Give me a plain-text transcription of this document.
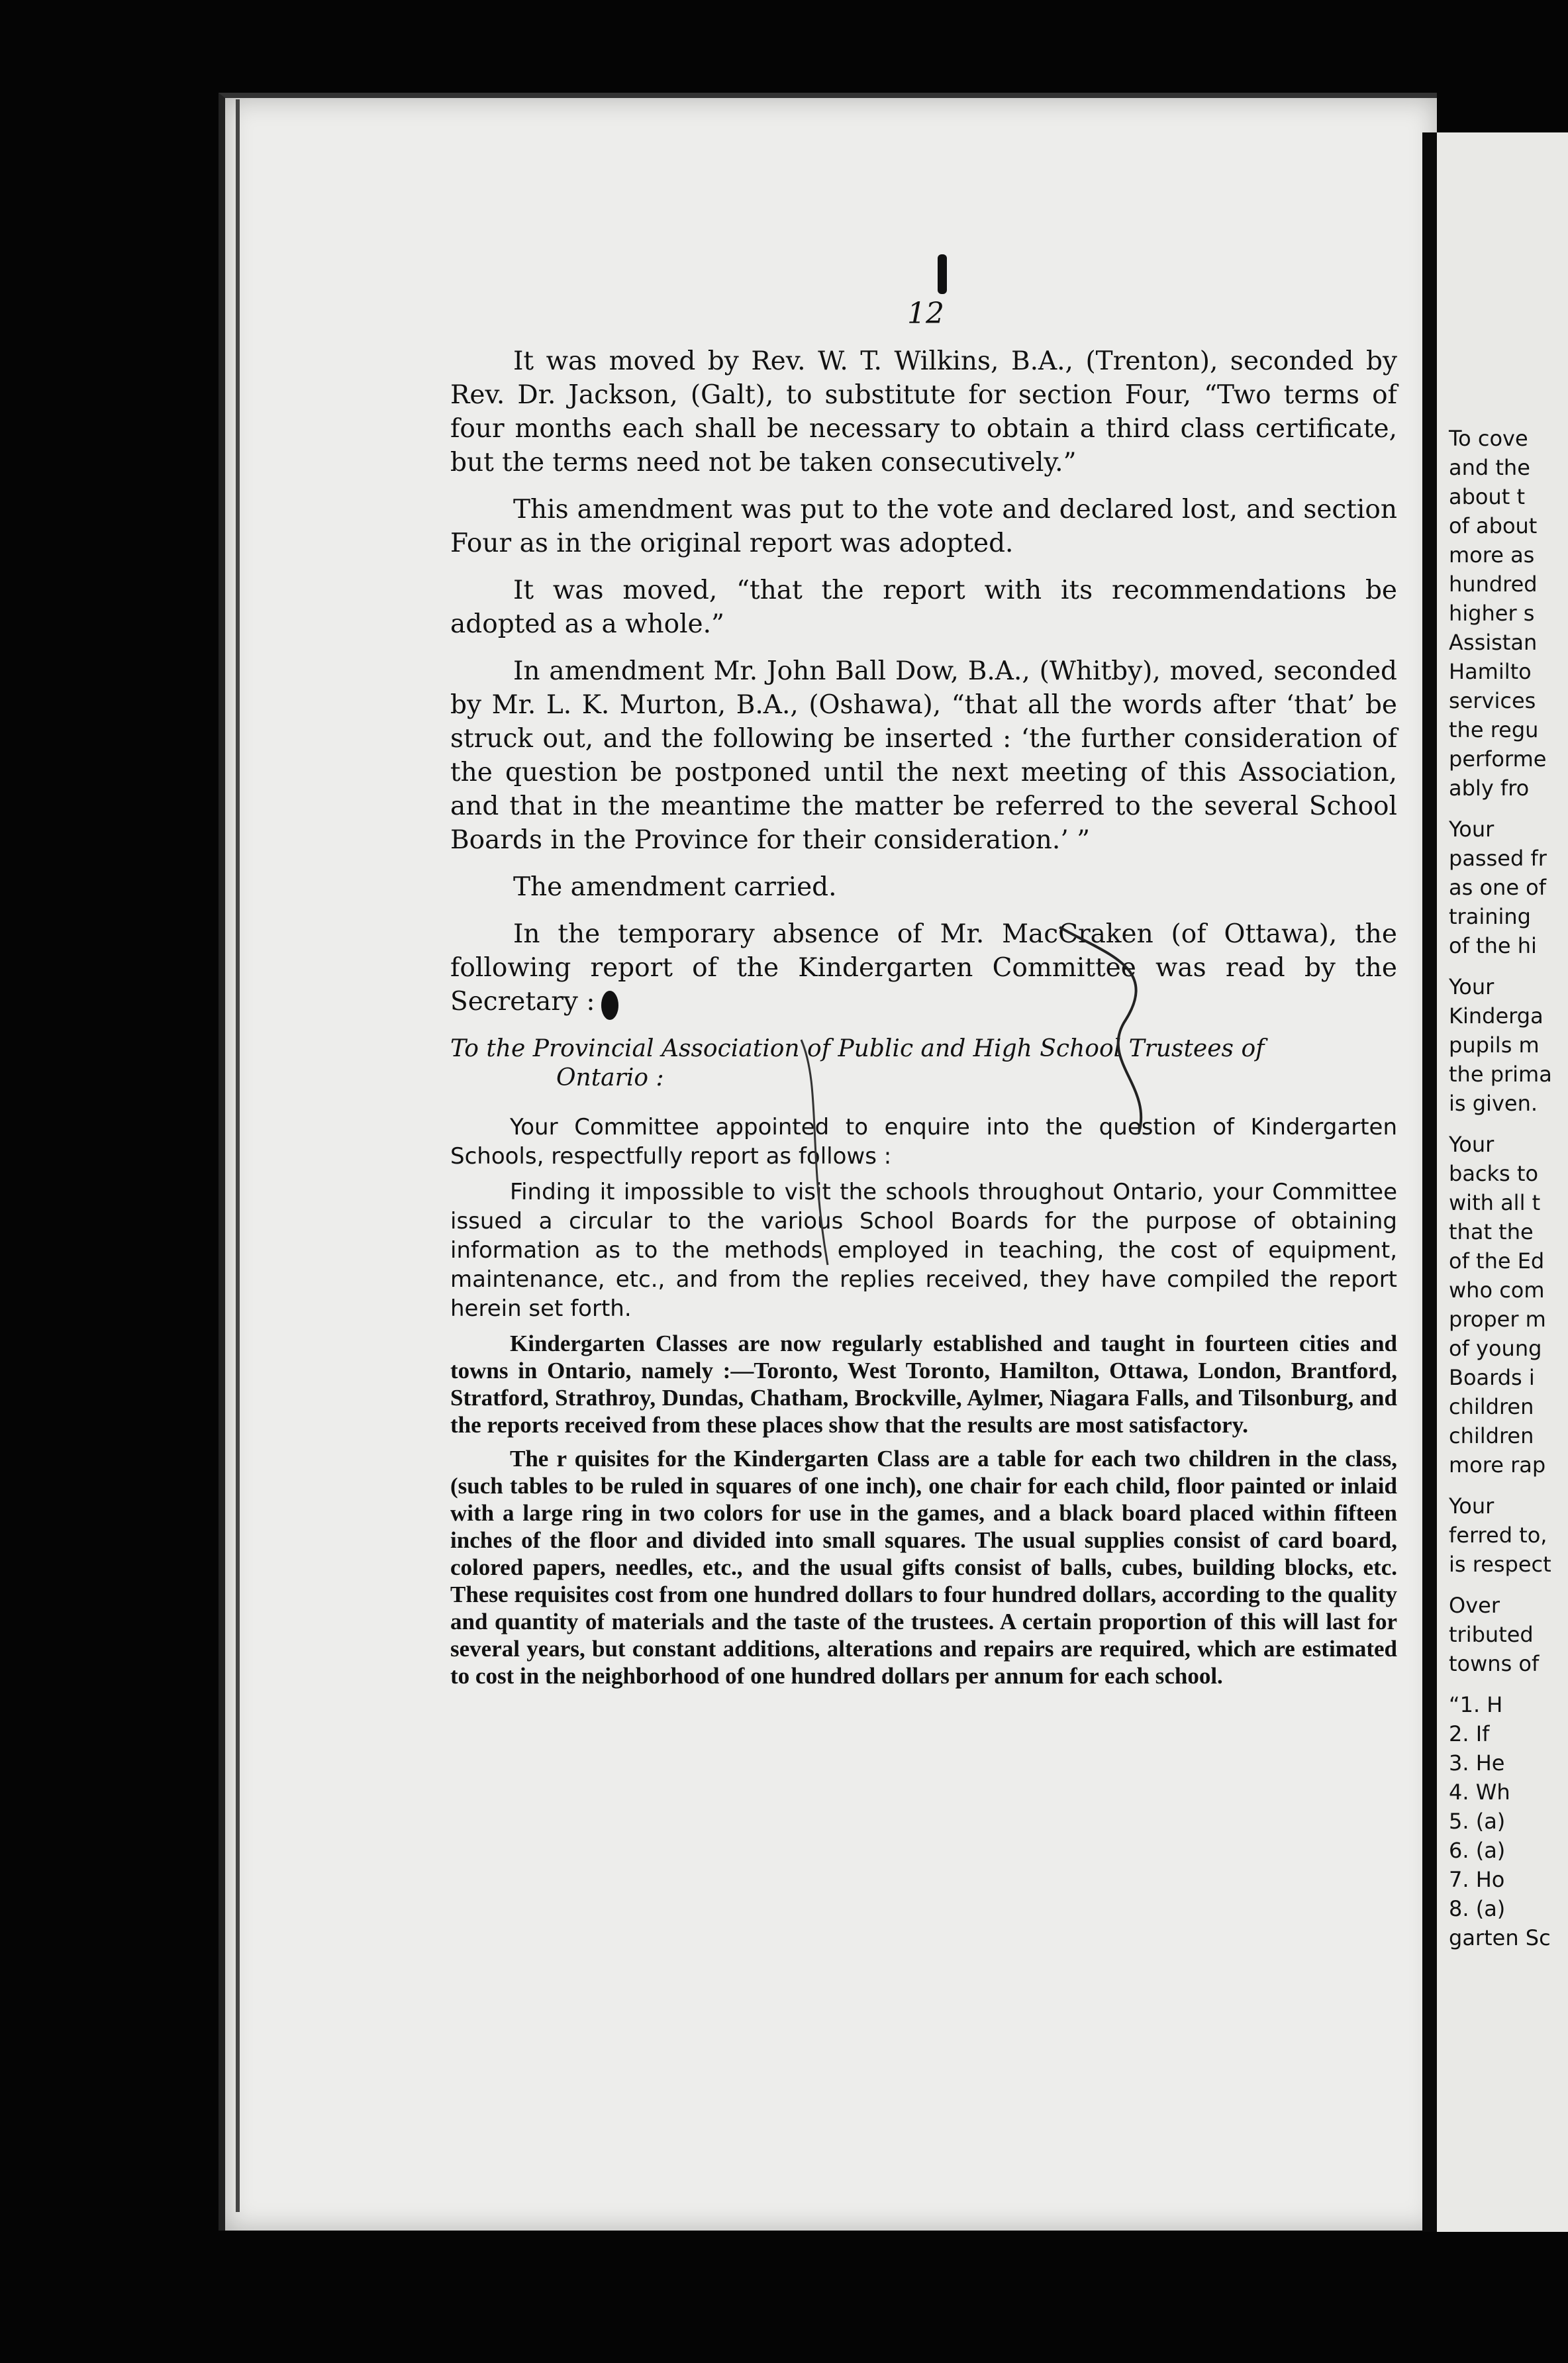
12

It was moved by Rev. W. T. Wilkins, B.A., (Trenton), seconded by Rev. Dr. Jackson, (Galt), to substitute for section Four, “Two terms of four months each shall be necessary to obtain a third class certificate, but the terms need not be taken consecutively.”

This amendment was put to the vote and declared lost, and section Four as in the original report was adopted.

It was moved, “that the report with its recommendations be adopted as a whole.”

In amendment Mr. John Ball Dow, B.A., (Whitby), moved, seconded by Mr. L. K. Murton, B.A., (Oshawa), “that all the words after ‘that’ be struck out, and the following be inserted : ‘the further consideration of the question be postponed until the next meeting of this Association, and that in the meantime the matter be referred to the several School Boards in the Province for their consideration.’ ”

The amendment carried.

In the temporary absence of Mr. MacCraken (of Ottawa), the following report of the Kindergarten Committee was read by the Secretary :

To the Provincial Association of Public and High School Trustees of
Ontario :

Your Committee appointed to enquire into the question of Kindergarten Schools, respectfully report as follows :

Finding it impossible to visit the schools throughout Ontario, your Committee issued a circular to the various School Boards for the purpose of obtaining information as to the methods employed in teaching, the cost of equipment, maintenance, etc., and from the replies received, they have compiled the report herein set forth.

Kindergarten Classes are now regularly established and taught in fourteen cities and towns in Ontario, namely :—Toronto, West Toronto, Hamilton, Ottawa, London, Brantford, Stratford, Strathroy, Dundas, Chatham, Brockville, Aylmer, Niagara Falls, and Tilsonburg, and the reports received from these places show that the results are most satisfactory.

The r quisites for the Kindergarten Class are a table for each two children in the class, (such tables to be ruled in squares of one inch), one chair for each child, floor painted or inlaid with a large ring in two colors for use in the games, and a black board placed within fifteen inches of the floor and divided into small squares. The usual supplies consist of card board, colored papers, needles, etc., and the usual gifts consist of balls, cubes, building blocks, etc. These requisites cost from one hundred dollars to four hundred dollars, according to the quality and quantity of materials and the taste of the trustees. A certain proportion of this will last for several years, but constant additions, alterations and repairs are required, which are estimated to cost in the neighborhood of one hundred dollars per annum for each school.

To cove
and the
about t
of about
more as
hundred
higher s
Assistan
Hamilto
services
the regu
performe
ably fro
Your
passed fr
as one of
training
of the hi
Your
Kinderga
pupils m
the prima
is given.
Your
backs to
with all t
that the
of the Ed
who com
proper m
of young
Boards i
children
children
more rap
Your
ferred to,
is respect
Over
tributed
towns of
“1. H
2. If
3. He
4. Wh
5. (a)
6. (a)
7. Ho
8. (a)
garten Sc
